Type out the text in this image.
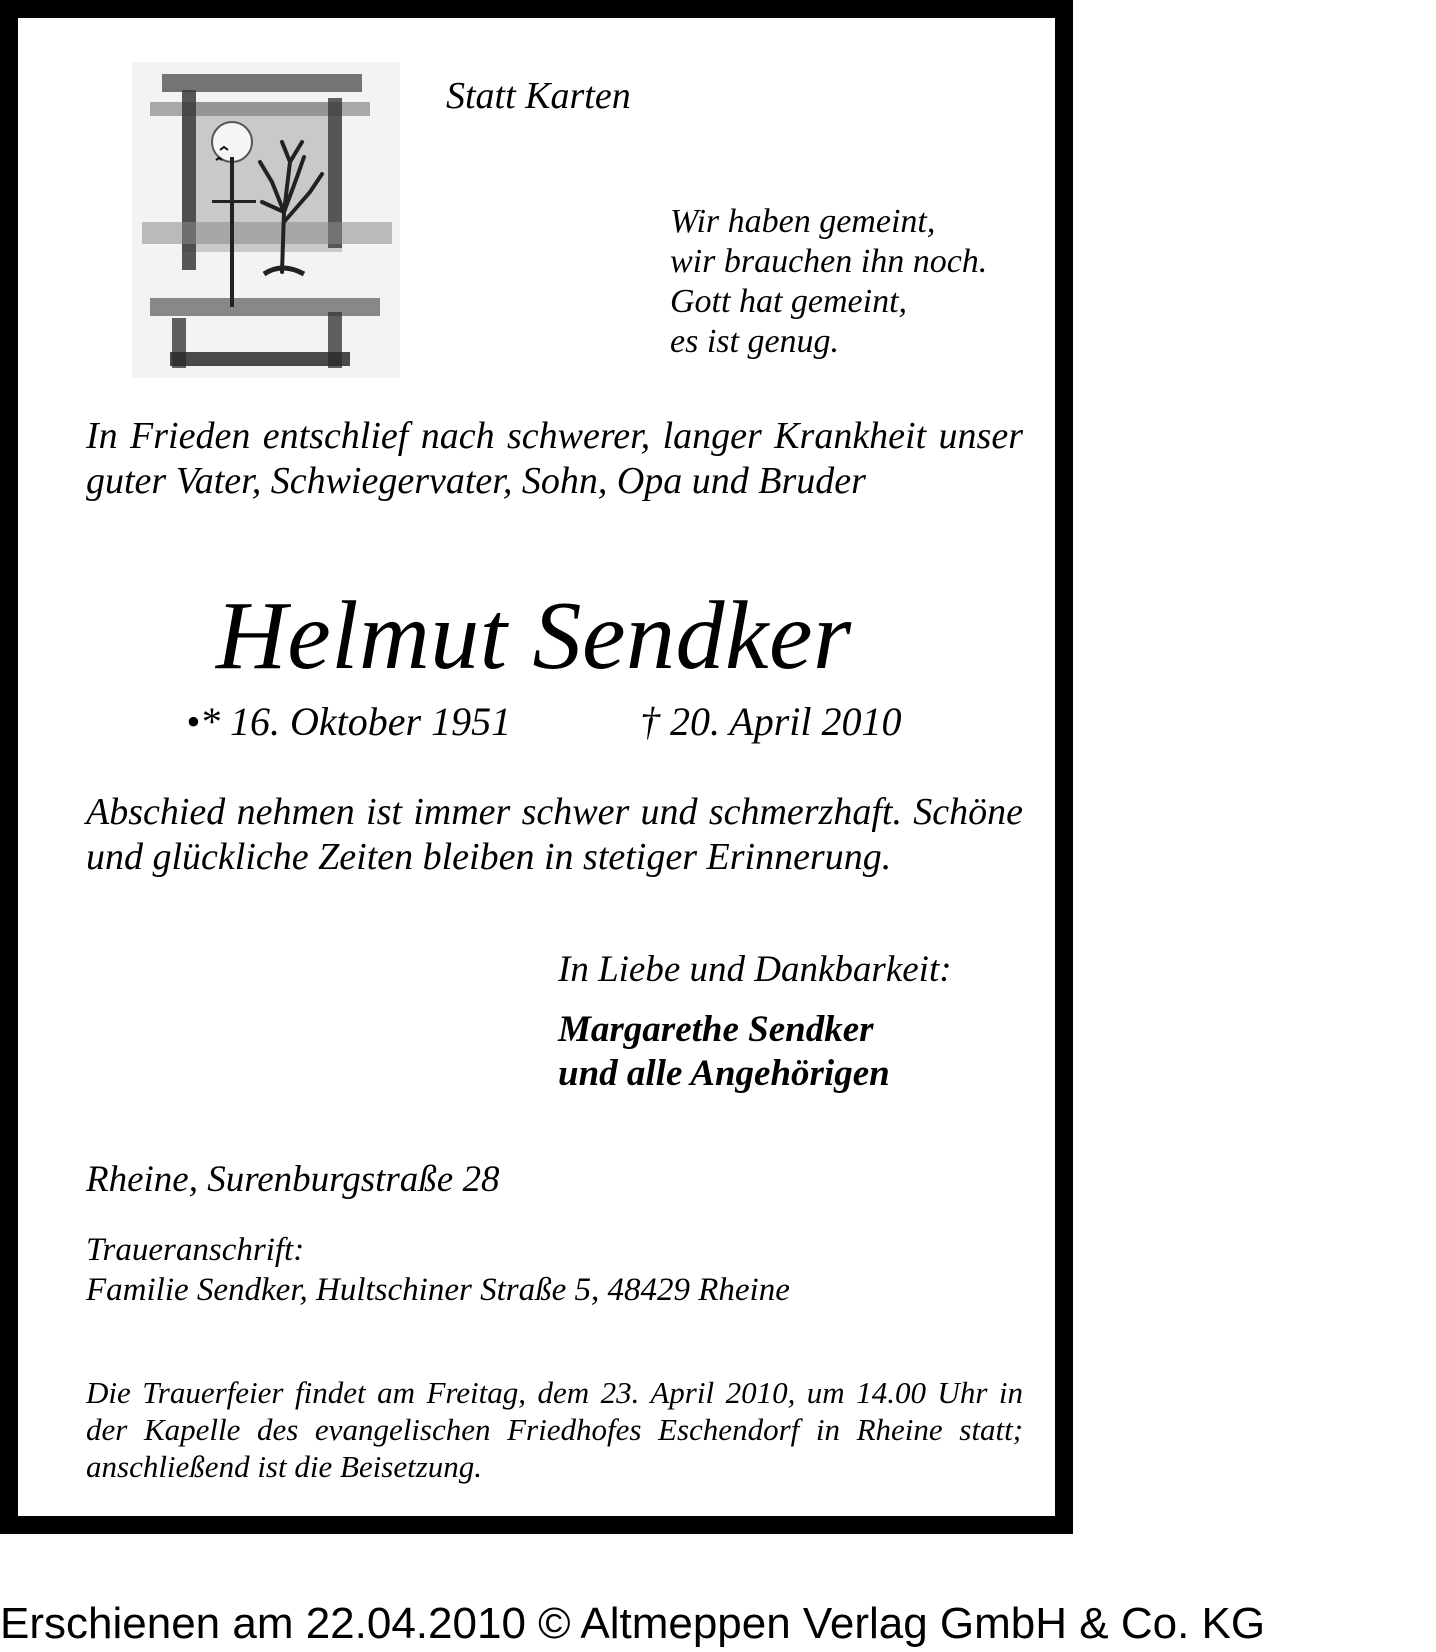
Statt Karten
Wir haben gemeint,
wir brauchen ihn noch.
Gott hat gemeint,
es ist genug.
In Frieden entschlief nach schwerer, langer Krankheit unser guter Vater, Schwiegervater, Sohn, Opa und Bruder
Helmut Sendker
•* 16. Oktober 1951	† 20. April 2010
Abschied nehmen ist immer schwer und schmerzhaft. Schöne und glückliche Zeiten bleiben in stetiger Erinnerung.
In Liebe und Dankbarkeit:
Margarethe Sendker
und alle Angehörigen
Rheine, Surenburgstraße 28
Traueranschrift:
Familie Sendker, Hultschiner Straße 5, 48429 Rheine
Die Trauerfeier findet am Freitag, dem 23. April 2010, um 14.00 Uhr in der Kapelle des evangelischen Friedhofes Eschendorf in Rheine statt; anschließend ist die Beisetzung.
Erschienen am 22.04.2010 © Altmeppen Verlag GmbH & Co. KG
